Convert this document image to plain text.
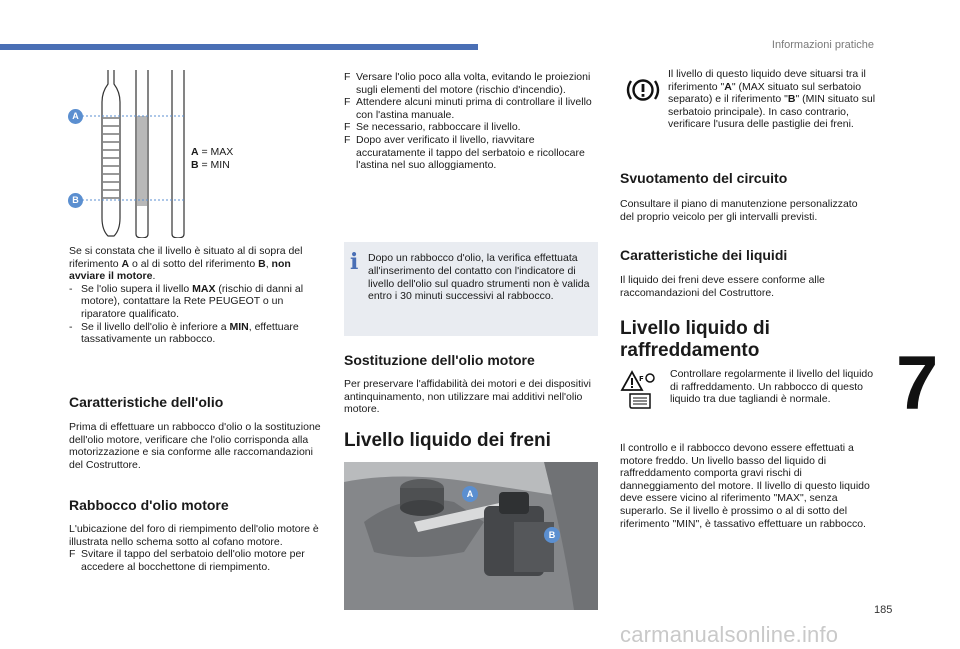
Informazioni pratiche
7
185
carmanualsonline.info
A
B
A = MAX
B = MIN
Se si constata che il livello è situato al di sopra del riferimento A o al di sotto del riferimento B, non avviare il motore.
- Se l'olio supera il livello MAX (rischio di danni al motore), contattare la Rete PEUGEOT o un riparatore qualificato.
- Se il livello dell'olio è inferiore a MIN, effettuare tassativamente un rabbocco.
Caratteristiche dell'olio
Prima di effettuare un rabbocco d'olio o la sostituzione dell'olio motore, verificare che l'olio corrisponda alla motorizzazione e sia conforme alle raccomandazioni del Costruttore.
Rabbocco d'olio motore
L'ubicazione del foro di riempimento dell'olio motore è illustrata nello schema sotto al cofano motore.
F Svitare il tappo del serbatoio dell'olio motore per accedere al bocchettone di riempimento.
F Versare l'olio poco alla volta, evitando le proiezioni sugli elementi del motore (rischio d'incendio).
F Attendere alcuni minuti prima di controllare il livello con l'astina manuale.
F Se necessario, rabboccare il livello.
F Dopo aver verificato il livello, riavvitare accuratamente il tappo del serbatoio e ricollocare l'astina nel suo alloggiamento.
i Dopo un rabbocco d'olio, la verifica effettuata all'inserimento del contatto con l'indicatore di livello dell'olio sul quadro strumenti non è valida entro i 30 minuti successivi al rabbocco.
Sostituzione dell'olio motore
Per preservare l'affidabilità dei motori e dei dispositivi antinquinamento, non utilizzare mai additivi nell'olio motore.
Livello liquido dei freni
A
B
Il livello di questo liquido deve situarsi tra il riferimento "A" (MAX situato sul serbatoio separato) e il riferimento "B" (MIN situato sul serbatoio principale). In caso contrario, verificare l'usura delle pastiglie dei freni.
Svuotamento del circuito
Consultare il piano di manutenzione personalizzato del proprio veicolo per gli intervalli previsti.
Caratteristiche dei liquidi
Il liquido dei freni deve essere conforme alle raccomandazioni del Costruttore.
Livello liquido di raffreddamento
F Controllare regolarmente il livello del liquido di raffreddamento. Un rabbocco di questo liquido tra due tagliandi è normale.
Il controllo e il rabbocco devono essere effettuati a motore freddo. Un livello basso del liquido di raffreddamento comporta gravi rischi di danneggiamento del motore. Il livello di questo liquido deve essere vicino al riferimento "MAX", senza superarlo. Se il livello è prossimo o al di sotto del riferimento "MIN", è tassativo effettuare un rabbocco.
